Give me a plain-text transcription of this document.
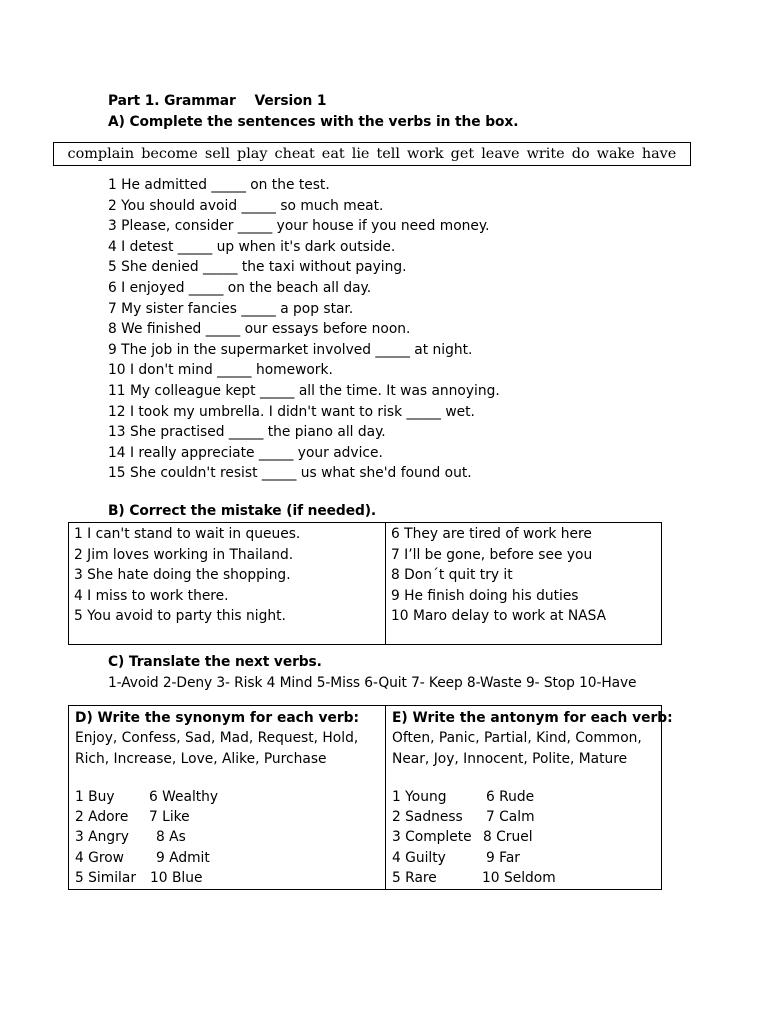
Part 1. Grammar Version 1
A) Complete the sentences with the verbs in the box.
complain become sell play cheat eat lie tell work get leave write do wake have
1 He admitted _____ on the test.
2 You should avoid _____ so much meat.
3 Please, consider _____ your house if you need money.
4 I detest _____ up when it's dark outside.
5 She denied _____ the taxi without paying.
6 I enjoyed _____ on the beach all day.
7 My sister fancies _____ a pop star.
8 We finished _____ our essays before noon.
9 The job in the supermarket involved _____ at night.
10 I don't mind _____ homework.
11 My colleague kept _____ all the time. It was annoying.
12 I took my umbrella. I didn't want to risk _____ wet.
13 She practised _____ the piano all day.
14 I really appreciate _____ your advice.
15 She couldn't resist _____ us what she'd found out.
B) Correct the mistake (if needed).
1 I can't stand to wait in queues.
2 Jim loves working in Thailand.
3 She hate doing the shopping.
4 I miss to work there.
5 You avoid to party this night.
6 They are tired of work here
7 I’ll be gone, before see you
8 Don´t quit try it
9 He finish doing his duties
10 Maro delay to work at NASA
C) Translate the next verbs.
1-Avoid 2-Deny 3- Risk 4 Mind 5-Miss 6-Quit 7- Keep 8-Waste 9- Stop 10-Have
D) Write the synonym for each verb:
Enjoy, Confess, Sad, Mad, Request, Hold,
Rich, Increase, Love, Alike, Purchase
1 Buy	6 Wealthy
2 Adore	7 Like
3 Angry	8 As
4 Grow	9 Admit
5 Similar	10 Blue
E) Write the antonym for each verb:
Often, Panic, Partial, Kind, Common,
Near, Joy, Innocent, Polite, Mature
1 Young	6 Rude
2 Sadness	7 Calm
3 Complete 8 Cruel
4 Guilty	9 Far
5 Rare	10 Seldom
